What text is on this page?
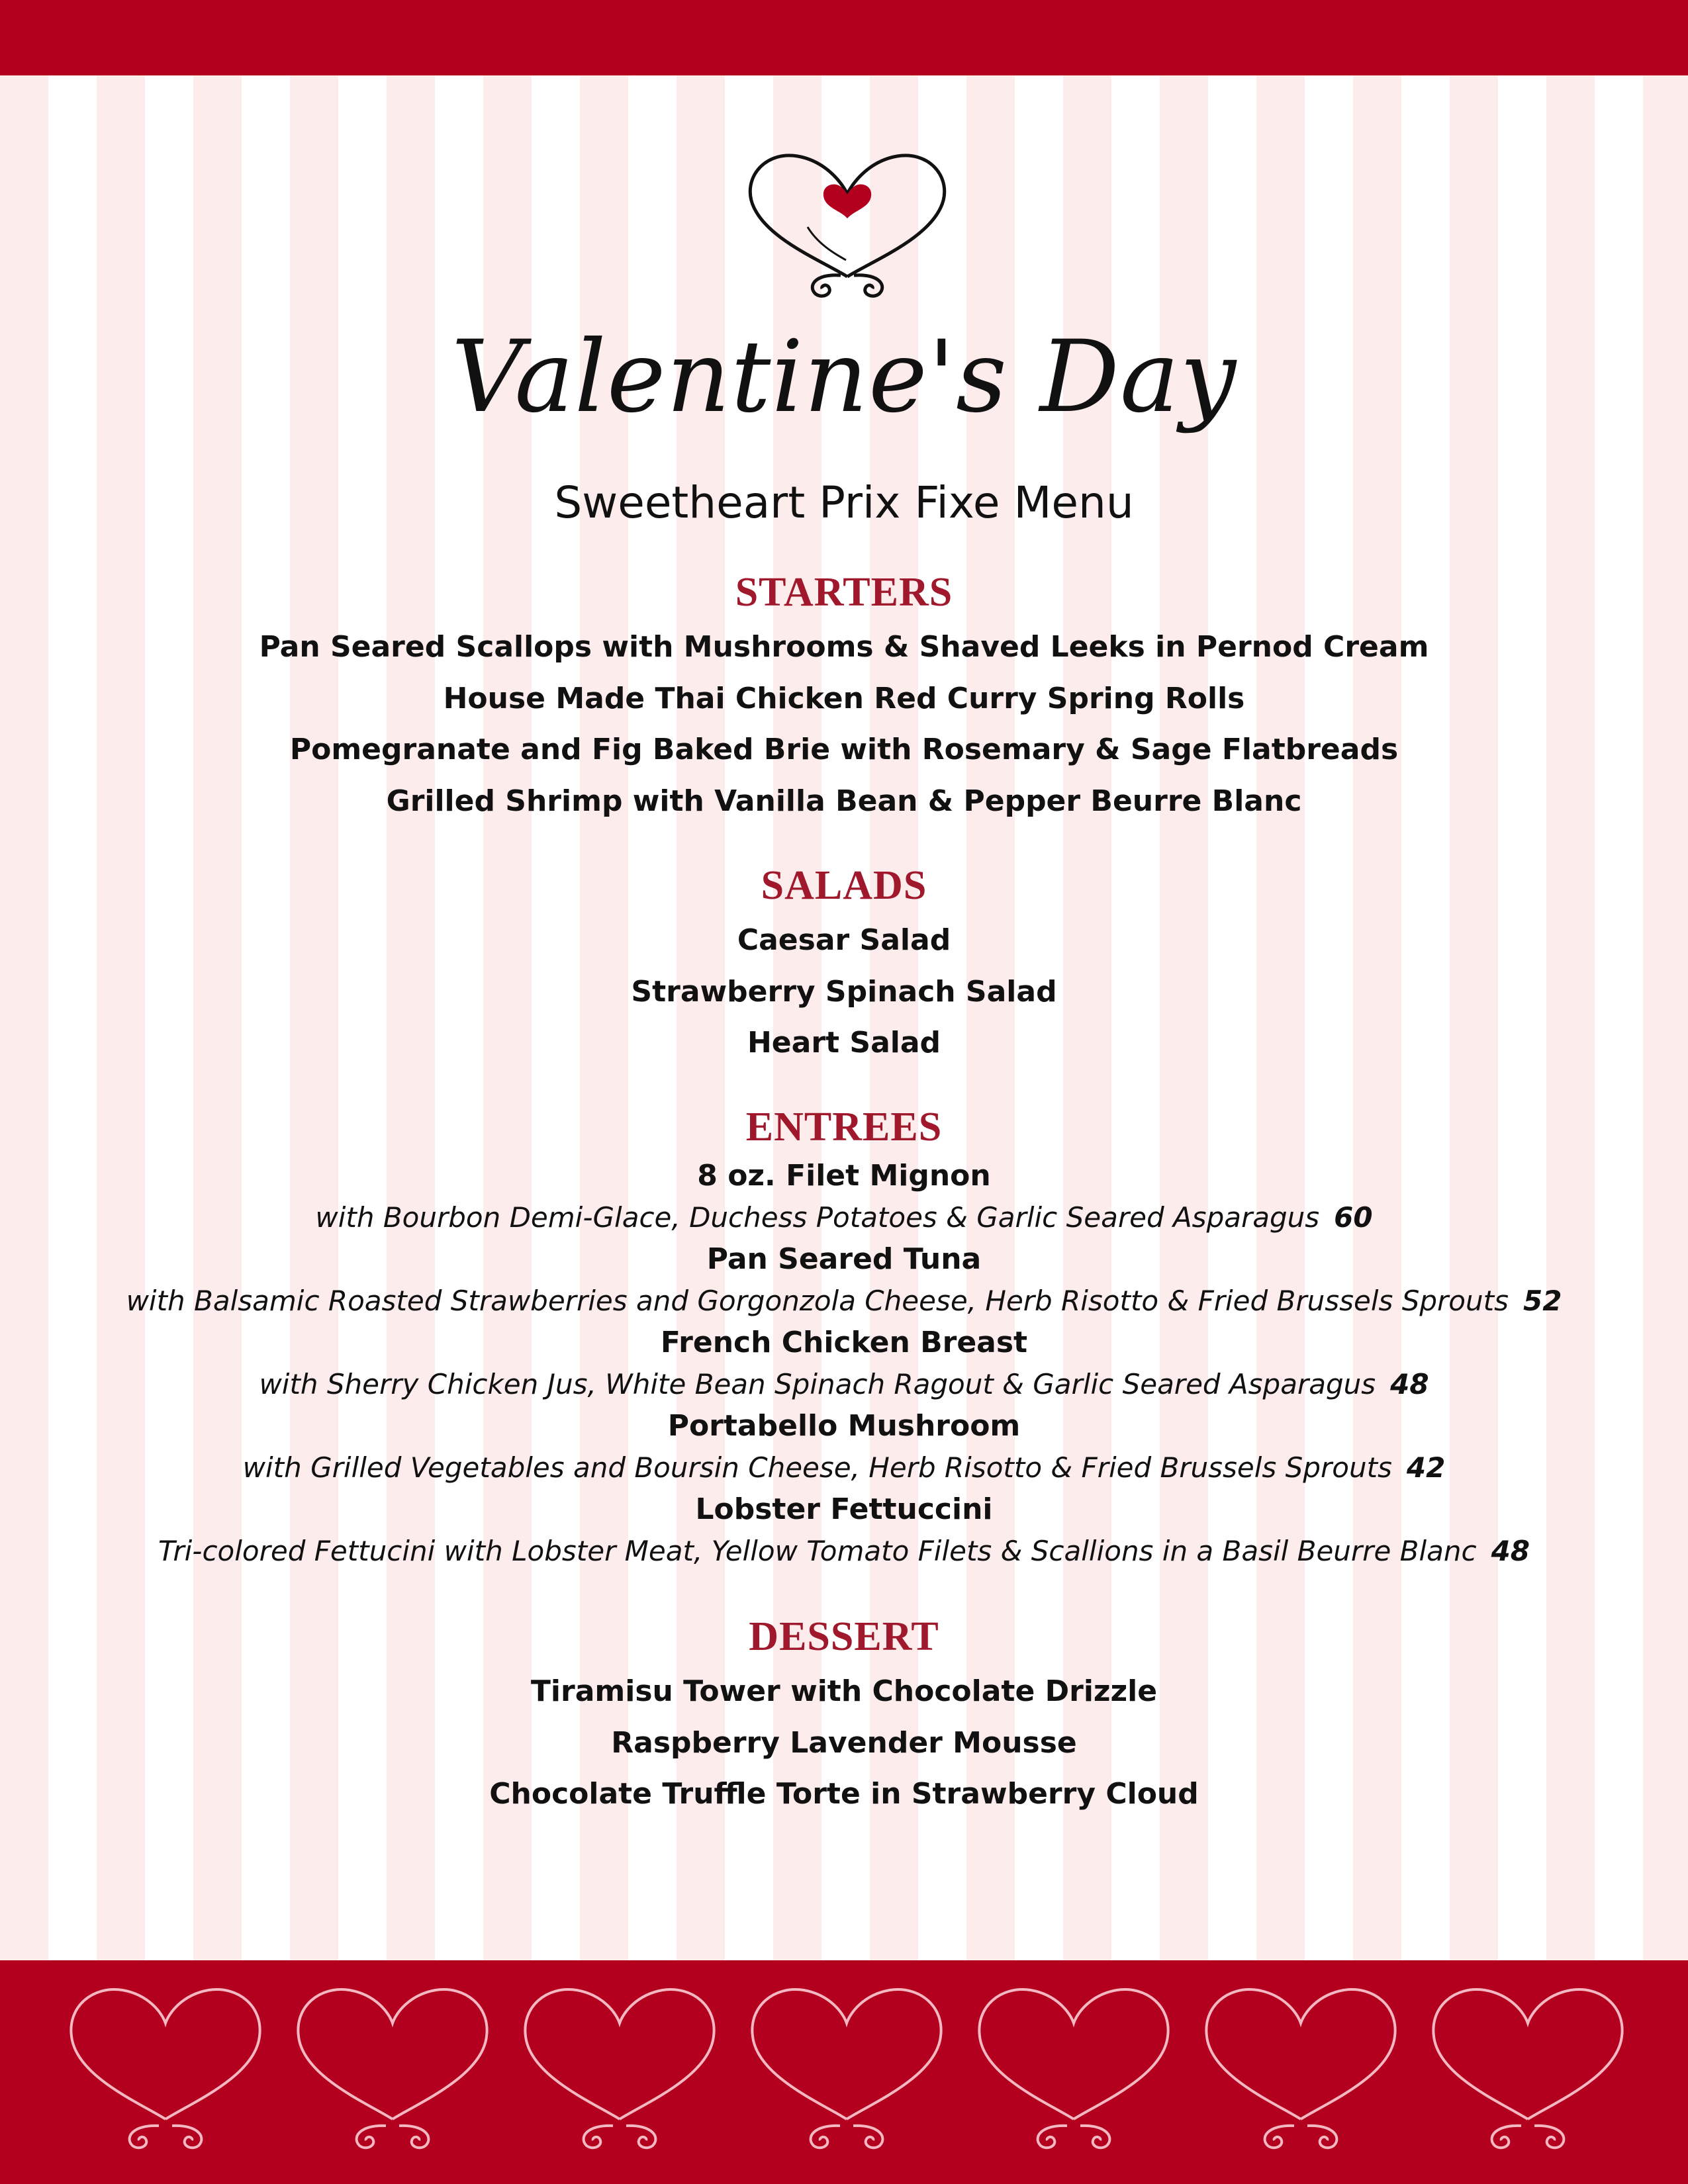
Valentine's Day
Sweetheart Prix Fixe Menu

STARTERS

Pan Seared Scallops with Mushrooms & Shaved Leeks in Pernod Cream

House Made Thai Chicken Red Curry Spring Rolls

Pomegranate and Fig Baked Brie with Rosemary & Sage Flatbreads

Grilled Shrimp with Vanilla Bean & Pepper Beurre Blanc

SALADS

Caesar Salad

Strawberry Spinach Salad

Heart Salad

ENTREES

8 oz. Filet Mignon

with Bourbon Demi-Glace, Duchess Potatoes & Garlic Seared Asparagus 60

Pan Seared Tuna

with Balsamic Roasted Strawberries and Gorgonzola Cheese, Herb Risotto & Fried Brussels Sprouts 52

French Chicken Breast

with Sherry Chicken Jus, White Bean Spinach Ragout & Garlic Seared Asparagus 48

Portabello Mushroom

with Grilled Vegetables and Boursin Cheese, Herb Risotto & Fried Brussels Sprouts 42

Lobster Fettuccini

Tri-colored Fettucini with Lobster Meat, Yellow Tomato Filets & Scallions in a Basil Beurre Blanc 48

DESSERT

Tiramisu Tower with Chocolate Drizzle

Raspberry Lavender Mousse

Chocolate Truffle Torte in Strawberry Cloud
